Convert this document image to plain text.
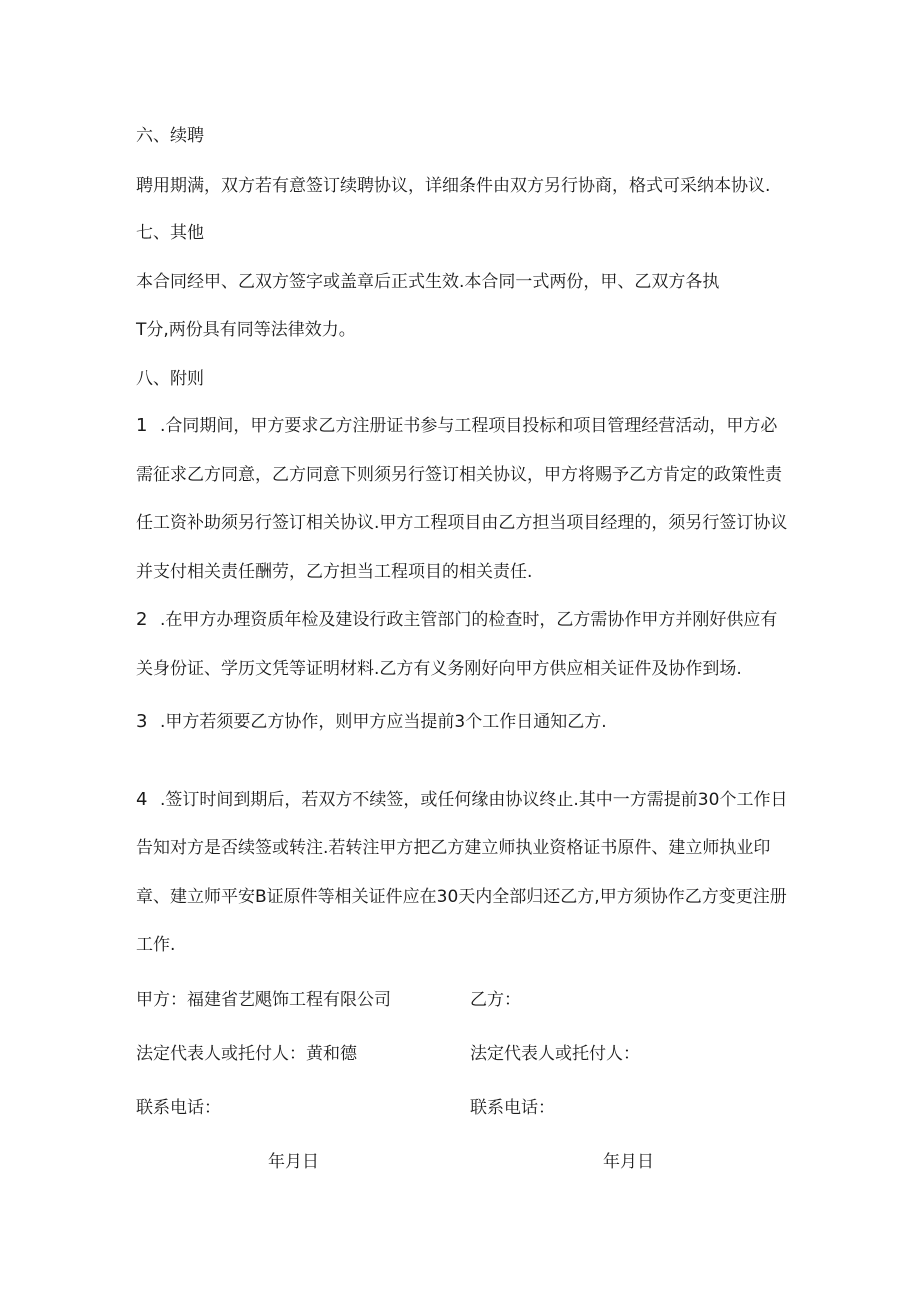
六、续聘
聘用期满，双方若有意签订续聘协议，详细条件由双方另行协商，格式可采纳本协议.
七、其他
本合同经甲、乙双方签字或盖章后正式生效.本合同一式两份，甲、乙双方各执
T分,两份具有同等法律效力。
八、附则
1 .合同期间，甲方要求乙方注册证书参与工程项目投标和项目管理经营活动，甲方必
需征求乙方同意，乙方同意下则须另行签订相关协议，甲方将赐予乙方肯定的政策性责
任工资补助须另行签订相关协议.甲方工程项目由乙方担当项目经理的，须另行签订协议
并支付相关责任酬劳，乙方担当工程项目的相关责任.
2 .在甲方办理资质年检及建设行政主管部门的检查时，乙方需协作甲方并刚好供应有
关身份证、学历文凭等证明材料.乙方有义务刚好向甲方供应相关证件及协作到场.
3 .甲方若须要乙方协作，则甲方应当提前3个工作日通知乙方.
4 .签订时间到期后，若双方不续签，或任何缘由协议终止.其中一方需提前30个工作日
告知对方是否续签或转注.若转注甲方把乙方建立师执业资格证书原件、建立师执业印
章、建立师平安B证原件等相关证件应在30天内全部归还乙方,甲方须协作乙方变更注册
工作.
甲方：福建省艺飓饰工程有限公司	乙方：
法定代表人或托付人：黄和德	法定代表人或托付人：
联系电话：	联系电话：
年月日	年月日
